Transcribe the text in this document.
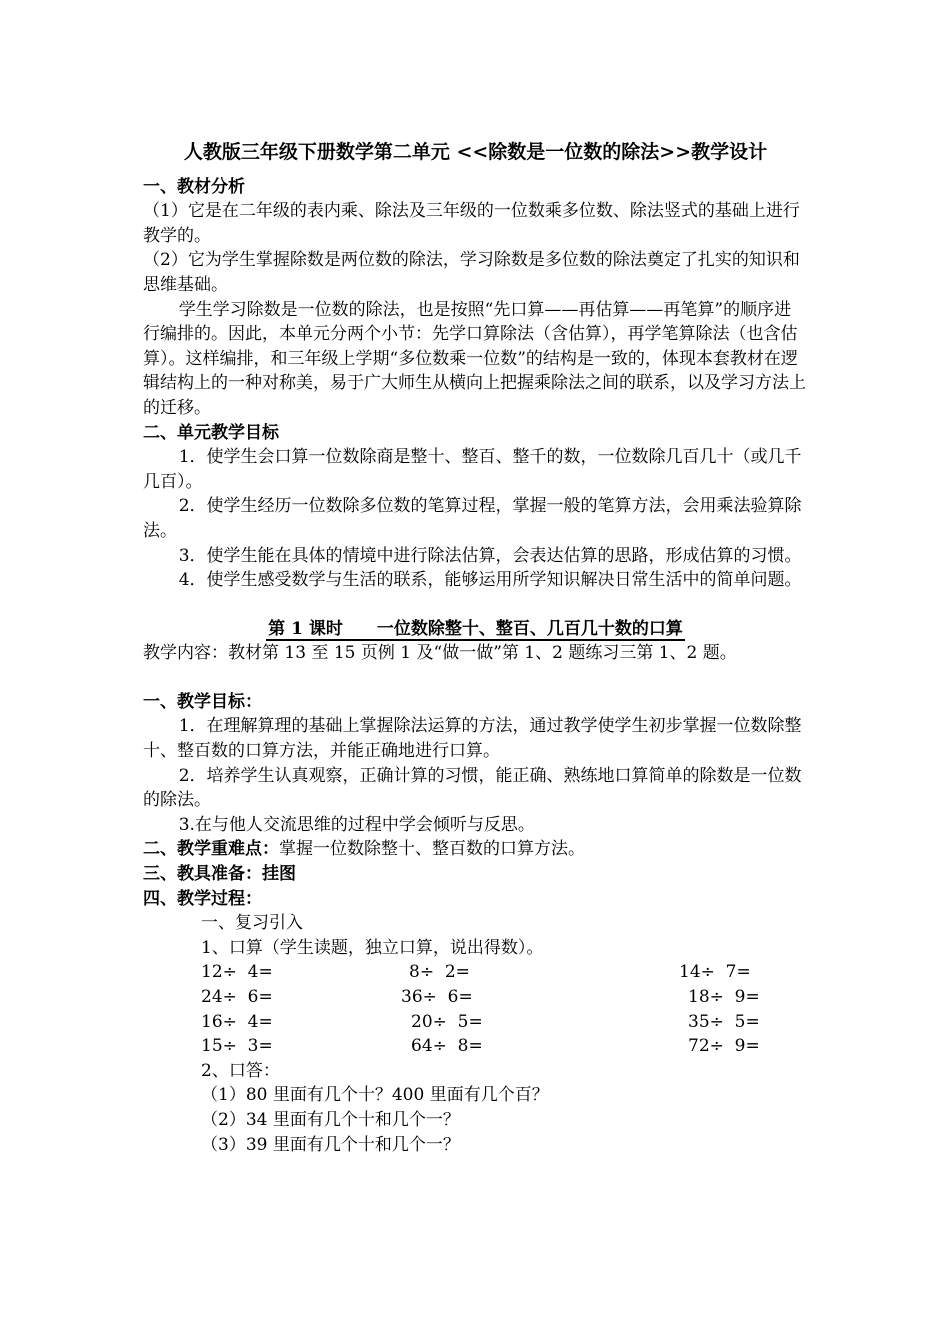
人教版三年级下册数学第二单元 <<除数是一位数的除法>>教学设计
一、教材分析

（1）它是在二年级的表内乘、除法及三年级的一位数乘多位数、除法竖式的基础上进行教学的。

（2）它为学生掌握除数是两位数的除法，学习除数是多位数的除法奠定了扎实的知识和思维基础。

学生学习除数是一位数的除法，也是按照“先口算——再估算——再笔算”的顺序进行编排的。因此，本单元分两个小节：先学口算除法（含估算），再学笔算除法（也含估算）。这样编排，和三年级上学期“多位数乘一位数”的结构是一致的，体现本套教材在逻辑结构上的一种对称美，易于广大师生从横向上把握乘除法之间的联系，以及学习方法上的迁移。

二、单元教学目标

1．使学生会口算一位数除商是整十、整百、整千的数，一位数除几百几十（或几千几百）。

2．使学生经历一位数除多位数的笔算过程，掌握一般的笔算方法，会用乘法验算除法。

3．使学生能在具体的情境中进行除法估算，会表达估算的思路，形成估算的习惯。

4．使学生感受数学与生活的联系，能够运用所学知识解决日常生活中的简单问题。

第 1 课时　　一位数除整十、整百、几百几十数的口算

教学内容：教材第 13 至 15 页例 1 及“做一做”第 1、2 题练习三第 1、2 题。

一、教学目标：

1．在理解算理的基础上掌握除法运算的方法，通过教学使学生初步掌握一位数除整十、整百数的口算方法，并能正确地进行口算。

2．培养学生认真观察，正确计算的习惯，能正确、熟练地口算简单的除数是一位数的除法。

3.在与他人交流思维的过程中学会倾听与反思。

二、教学重难点：掌握一位数除整十、整百数的口算方法。

三、教具准备：挂图
四、教学过程：
一、复习引入
1、口算（学生读题，独立口算，说出得数）。
12÷  4=	8÷  2=	14÷  7=
24÷  6=	36÷  6=	18÷  9=
16÷  4=	20÷  5=	35÷  5=
15÷  3=	64÷  8=	72÷  9=
2、口答：
（1）80 里面有几个十？400 里面有几个百？
（2）34 里面有几个十和几个一？
（3）39 里面有几个十和几个一？
